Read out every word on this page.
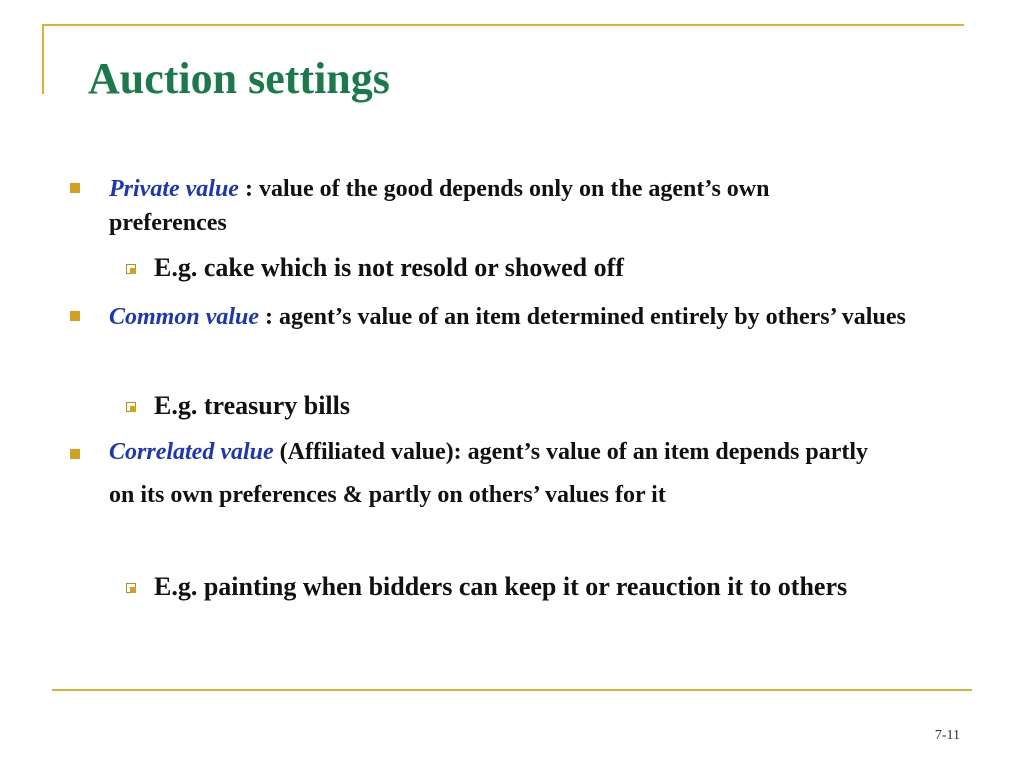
Auction settings
Private value : value of the good depends only on the agent’s own preferences
E.g. cake which is not resold or showed off
Common value : agent’s value of an item determined entirely by others’ values
E.g. treasury bills
Correlated value (Affiliated value): agent’s value of an item depends partly on its own preferences & partly on others’ values for it
E.g. painting when bidders can keep it or reauction it to others
7-11
